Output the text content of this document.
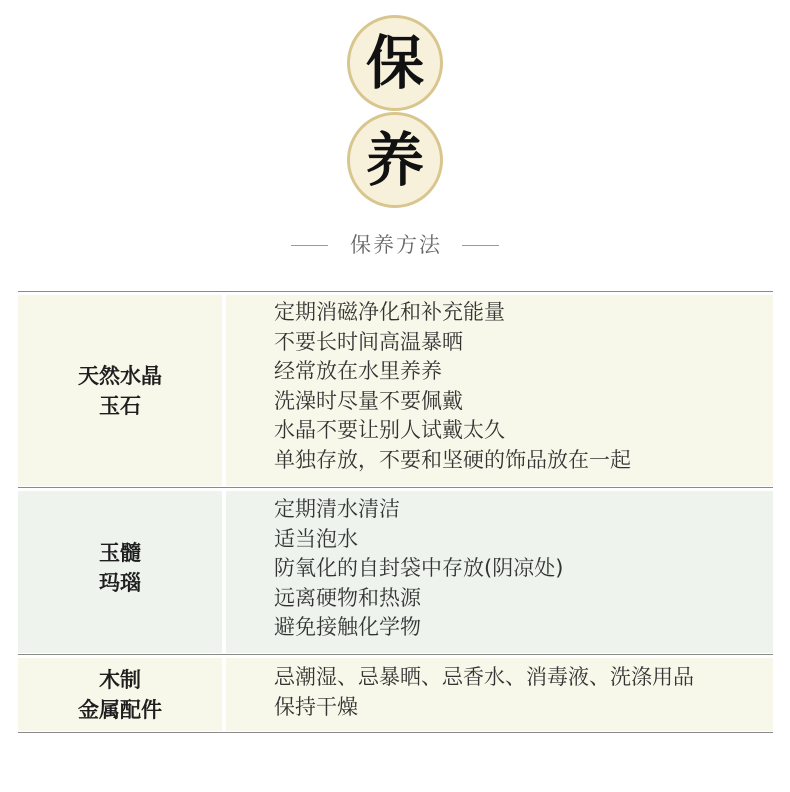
保
养
保养方法
天然水晶
玉石
定期消磁净化和补充能量
不要长时间高温暴晒
经常放在水里养养
洗澡时尽量不要佩戴
水晶不要让别人试戴太久
单独存放，不要和坚硬的饰品放在一起
玉髓
玛瑙
定期清水清洁
适当泡水
防氧化的自封袋中存放(阴凉处)
远离硬物和热源
避免接触化学物
木制
金属配件
忌潮湿、忌暴晒、忌香水、消毒液、洗涤用品
保持干燥
